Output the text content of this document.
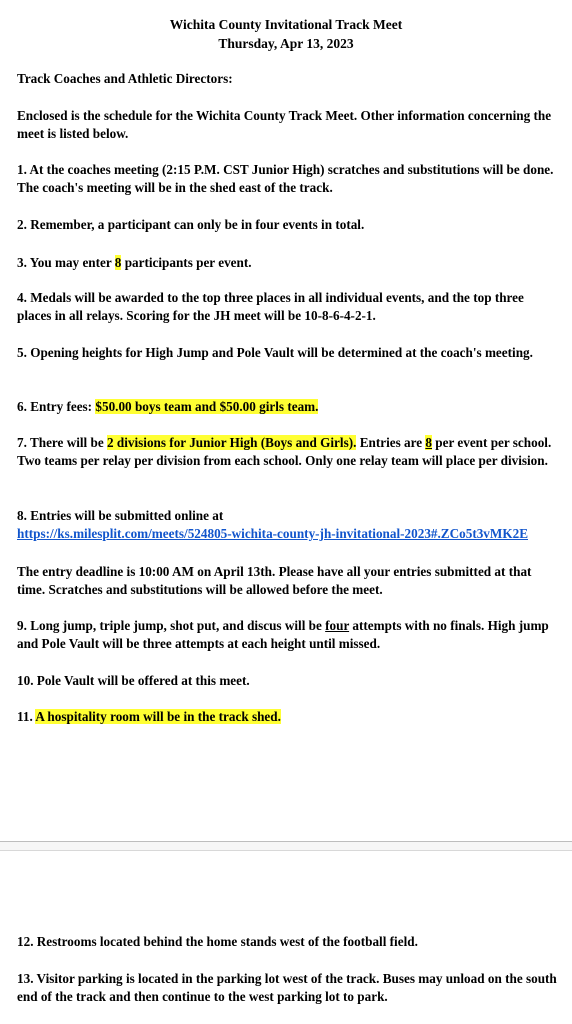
Wichita County Invitational Track Meet
Thursday, Apr 13, 2023

Track Coaches and Athletic Directors:

Enclosed is the schedule for the Wichita County Track Meet. Other information concerning the meet is listed below.

1. At the coaches meeting (2:15 P.M. CST Junior High) scratches and substitutions will be done. The coach's meeting will be in the shed east of the track.

2. Remember, a participant can only be in four events in total.

3. You may enter 8 participants per event.

4. Medals will be awarded to the top three places in all individual events, and the top three places in all relays. Scoring for the JH meet will be 10-8-6-4-2-1.

5. Opening heights for High Jump and Pole Vault will be determined at the coach's meeting.

6. Entry fees: $50.00 boys team and $50.00 girls team.

7. There will be 2 divisions for Junior High (Boys and Girls). Entries are 8 per event per school. Two teams per relay per division from each school. Only one relay team will place per division.

8. Entries will be submitted online at
https://ks.milesplit.com/meets/524805-wichita-county-jh-invitational-2023#.ZCo5t3vMK2E

The entry deadline is 10:00 AM on April 13th. Please have all your entries submitted at that time. Scratches and substitutions will be allowed before the meet.

9. Long jump, triple jump, shot put, and discus will be four attempts with no finals. High jump and Pole Vault will be three attempts at each height until missed.

10. Pole Vault will be offered at this meet.

11. A hospitality room will be in the track shed.

12. Restrooms located behind the home stands west of the football field.

13. Visitor parking is located in the parking lot west of the track. Buses may unload on the south end of the track and then continue to the west parking lot to park.
